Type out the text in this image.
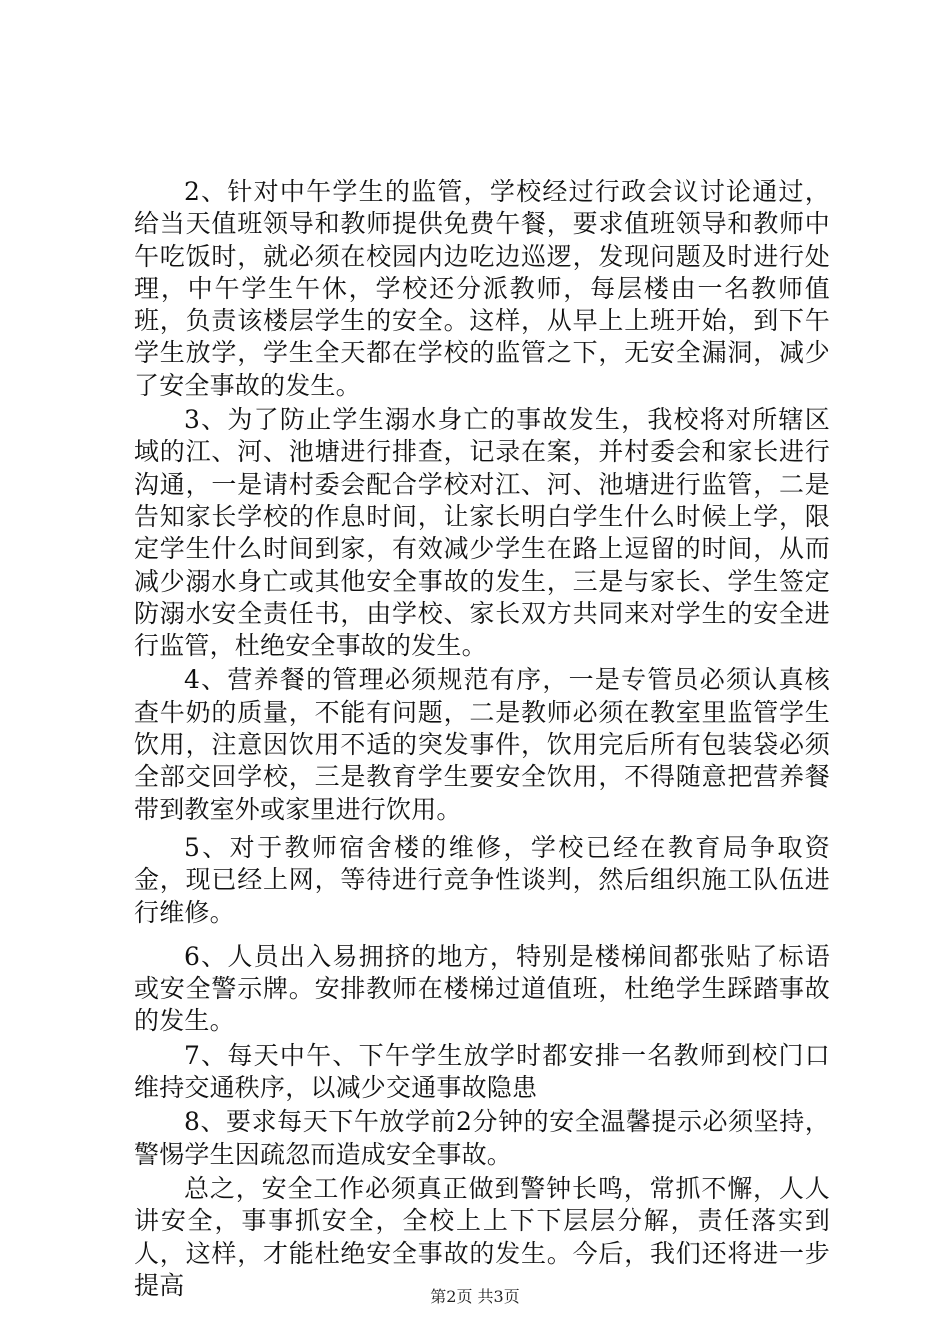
2、针对中午学生的监管，学校经过行政会议讨论通过，给当天值班领导和教师提供免费午餐，要求值班领导和教师中午吃饭时，就必须在校园内边吃边巡逻，发现问题及时进行处理，中午学生午休，学校还分派教师，每层楼由一名教师值班，负责该楼层学生的安全。这样，从早上上班开始，到下午学生放学，学生全天都在学校的监管之下，无安全漏洞，减少了安全事故的发生。

3、为了防止学生溺水身亡的事故发生，我校将对所辖区域的江、河、池塘进行排查，记录在案，并村委会和家长进行沟通，一是请村委会配合学校对江、河、池塘进行监管，二是告知家长学校的作息时间，让家长明白学生什么时候上学，限定学生什么时间到家，有效减少学生在路上逗留的时间，从而减少溺水身亡或其他安全事故的发生，三是与家长、学生签定防溺水安全责任书，由学校、家长双方共同来对学生的安全进行监管，杜绝安全事故的发生。

4、营养餐的管理必须规范有序，一是专管员必须认真核查牛奶的质量，不能有问题，二是教师必须在教室里监管学生饮用，注意因饮用不适的突发事件，饮用完后所有包装袋必须全部交回学校，三是教育学生要安全饮用，不得随意把营养餐带到教室外或家里进行饮用。

5、对于教师宿舍楼的维修，学校已经在教育局争取资金，现已经上网，等待进行竞争性谈判，然后组织施工队伍进行维修。

6、人员出入易拥挤的地方，特别是楼梯间都张贴了标语或安全警示牌。安排教师在楼梯过道值班，杜绝学生踩踏事故的发生。

7、每天中午、下午学生放学时都安排一名教师到校门口维持交通秩序，以减少交通事故隐患

8、要求每天下午放学前2分钟的安全温馨提示必须坚持，警惕学生因疏忽而造成安全事故。

总之，安全工作必须真正做到警钟长鸣，常抓不懈，人人讲安全，事事抓安全，全校上上下下层层分解，责任落实到人，这样，才能杜绝安全事故的发生。今后，我们还将进一步提高	第2页 共3页
